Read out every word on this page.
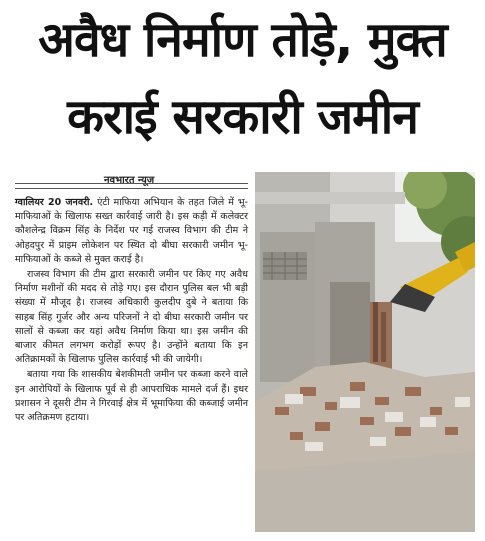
अवैध निर्माण तोड़े, मुक्त
कराई सरकारी जमीन
नवभारत न्यूज

ग्वालियर 20 जनवरी. एंटी माफिया अभियान के तहत जिले में भू-माफियाओं के खिलाफ सख्त कार्रवाई जारी है। इस कड़ी में कलेक्टर कौशलेन्द्र विक्रम सिंह के निर्देश पर गई राजस्व विभाग की टीम ने ओहदपुर में प्राइम लोकेशन पर स्थित दो बीघा सरकारी जमीन भू-माफियाओं के कब्जे से मुक्त कराई है।

राजस्व विभाग की टीम द्वारा सरकारी जमीन पर किए गए अवैध निर्माण मशीनों की मदद से तोड़े गए। इस दौरान पुलिस बल भी बड़ी संख्या में मौजूद है। राजस्व अधिकारी कुलदीप दुबे ने बताया कि साहब सिंह गुर्जर और अन्य परिजनों ने दो बीघा सरकारी जमीन पर सालों से कब्जा कर यहां अवैध निर्माण किया था। इस जमीन की बाजार कीमत लगभग करोड़ों रूपए है। उन्होंने बताया कि इन अतिक्रामकों के खिलाफ पुलिस कार्रवाई भी की जायेगी।

बताया गया कि शासकीय बेशकीमती जमीन पर कब्जा करने वाले इन आरोपियों के खिलाफ पूर्व से ही आपराधिक मामले दर्ज हैं। इधर प्रशासन ने दूसरी टीम ने गिरवाई क्षेत्र में भूमाफिया की कब्जाई जमीन पर अतिक्रमण हटाया।
